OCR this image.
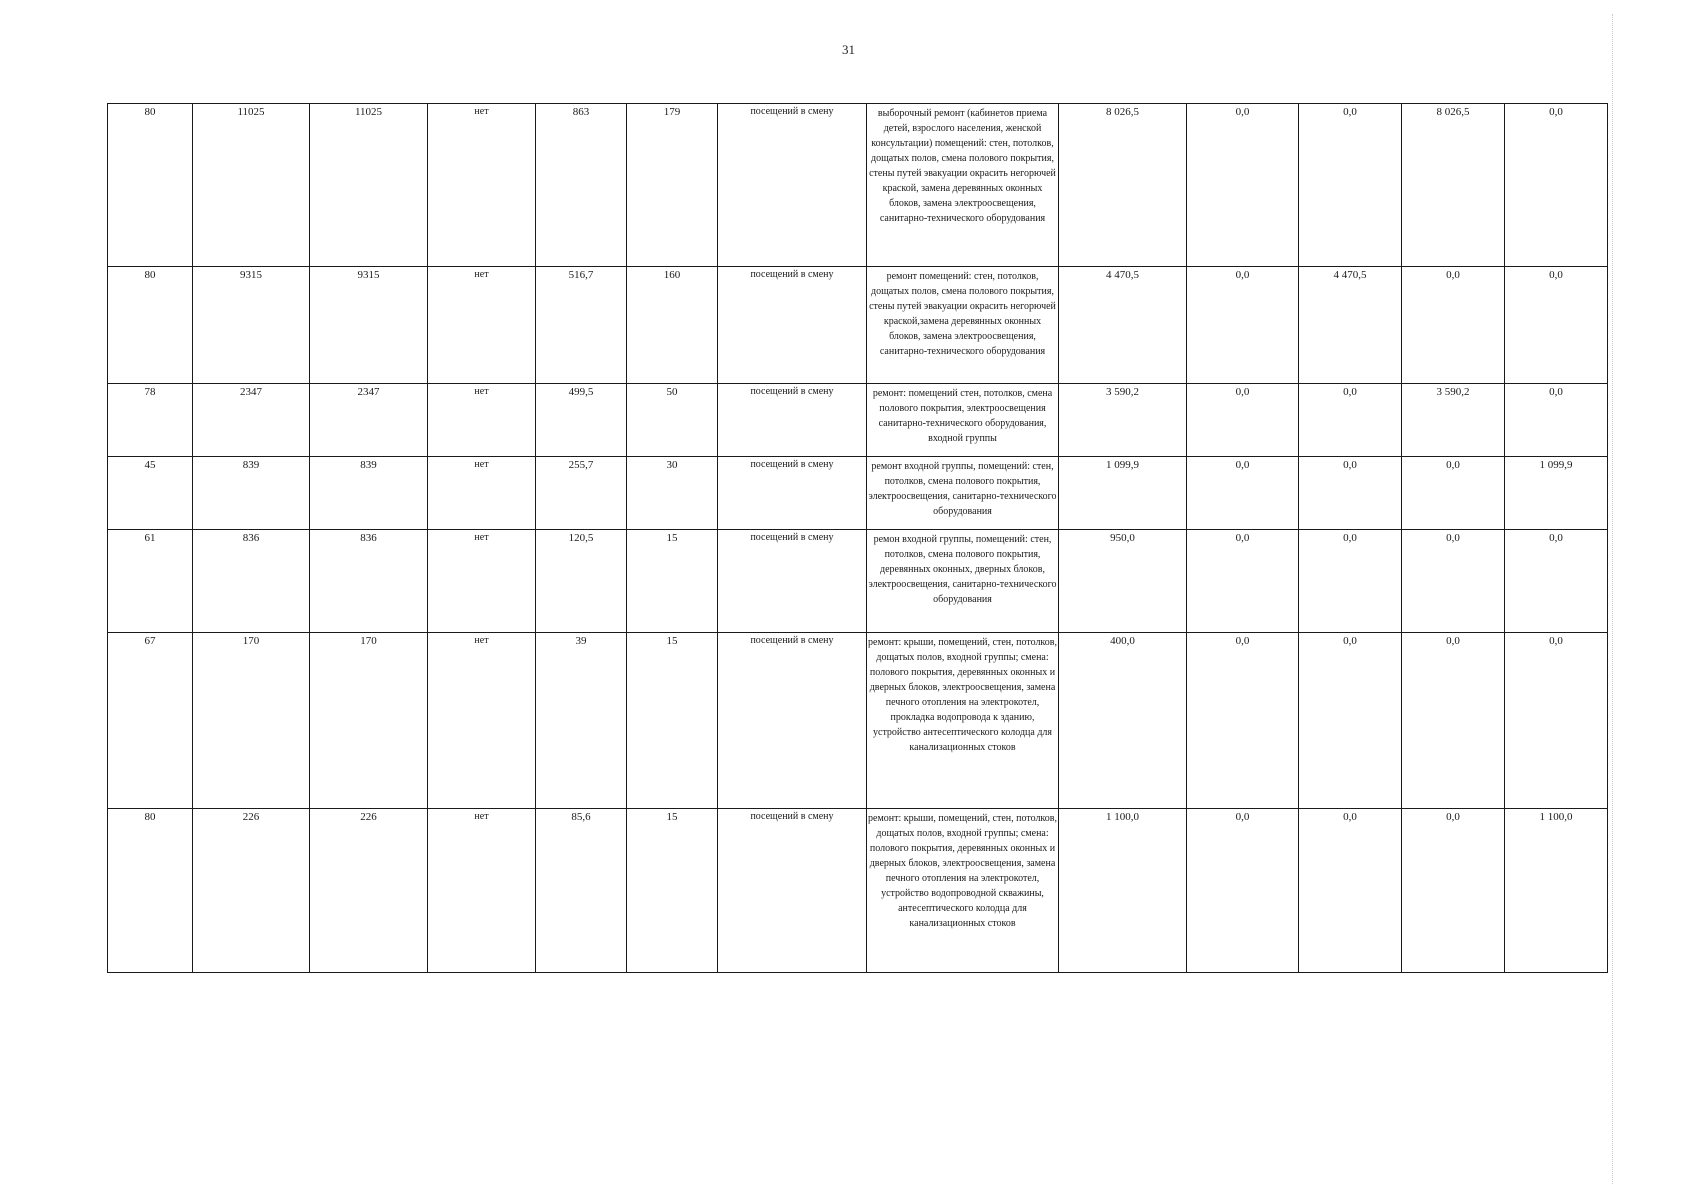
31
80	11025	11025	нет	863	179	посещений в смену	выборочный ремонт (кабинетов приема детей, взрослого населения, женской консультации) помещений: стен, потолков, дощатых полов, смена полового покрытия, стены путей эвакуации окрасить негорючей краской, замена деревянных оконных блоков, замена электроосвещения, санитарно-технического оборудования	8 026,5	0,0	0,0	8 026,5	0,0
80	9315	9315	нет	516,7	160	посещений в смену	ремонт помещений: стен, потолков, дощатых полов, смена полового покрытия, стены путей эвакуации окрасить негорючей краской,замена деревянных оконных блоков, замена электроосвещения, санитарно-технического оборудования	4 470,5	0,0	4 470,5	0,0	0,0
78	2347	2347	нет	499,5	50	посещений в смену	ремонт: помещений стен, потолков, смена полового покрытия, электроосвещения санитарно-технического оборудования, входной группы	3 590,2	0,0	0,0	3 590,2	0,0
45	839	839	нет	255,7	30	посещений в смену	ремонт входной группы, помещений: стен, потолков, смена полового покрытия, электроосвещения, санитарно-технического оборудования	1 099,9	0,0	0,0	0,0	1 099,9
61	836	836	нет	120,5	15	посещений в смену	ремон входной группы, помещений: стен, потолков, смена полового покрытия, деревянных оконных, дверных блоков, электроосвещения, санитарно-технического оборудования	950,0	0,0	0,0	0,0	0,0
67	170	170	нет	39	15	посещений в смену	ремонт: крыши, помещений, стен, потолков, дощатых полов, входной группы; смена: полового покрытия, деревянных оконных и дверных блоков, электроосвещения, замена печного отопления на электрокотел, прокладка водопровода к зданию, устройство антесептического колодца для канализационных стоков	400,0	0,0	0,0	0,0	0,0
80	226	226	нет	85,6	15	посещений в смену	ремонт: крыши, помещений, стен, потолков, дощатых полов, входной группы; смена: полового покрытия, деревянных оконных и дверных блоков, электроосвещения, замена печного отопления на электрокотел, устройство водопроводной скважины, антесептического колодца для канализационных стоков	1 100,0	0,0	0,0	0,0	1 100,0
